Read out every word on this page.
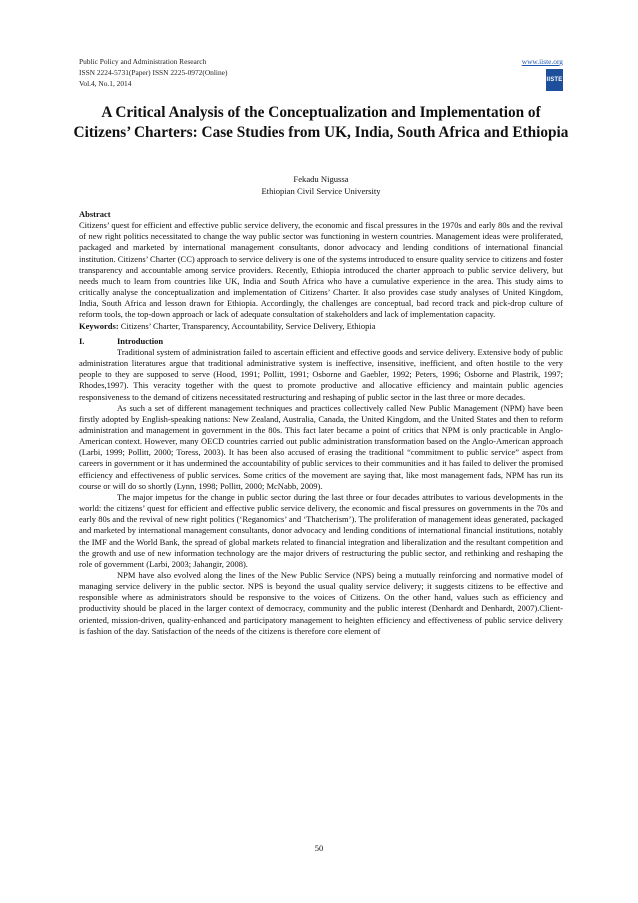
Public Policy and Administration Research
ISSN 2224-5731(Paper) ISSN 2225-0972(Online)
Vol.4, No.1, 2014
www.iiste.org
IISTE
A Critical Analysis of the Conceptualization and Implementation of Citizens’ Charters: Case Studies from UK, India, South Africa and Ethiopia
Fekadu Nigussa
Ethiopian Civil Service University

Abstract

Citizens’ quest for efficient and effective public service delivery, the economic and fiscal pressures in the 1970s and early 80s and the revival of new right politics necessitated to change the way public sector was functioning in western countries. Management ideas were proliferated, packaged and marketed by international management consultants, donor advocacy and lending conditions of international financial institution. Citizens’ Charter (CC) approach to service delivery is one of the systems introduced to ensure quality service to citizens and foster transparency and accountable among service providers. Recently, Ethiopia introduced the charter approach to public service delivery, but needs much to learn from countries like UK, India and South Africa who have a cumulative experience in the area. This study aims to critically analyse the conceptualization and implementation of Citizens’ Charter. It also provides case study analyses of United Kingdom, India, South Africa and lesson drawn for Ethiopia. Accordingly, the challenges are conceptual, bad record track and pick-drop culture of reform tools, the top-down approach or lack of adequate consultation of stakeholders and lack of implementation capacity.

Keywords: Citizens’ Charter, Transparency, Accountability, Service Delivery, Ethiopia

I.	Introduction

Traditional system of administration failed to ascertain efficient and effective goods and service delivery. Extensive body of public administration literatures argue that traditional administrative system is ineffective, insensitive, inefficient, and often hostile to the very people to they are supposed to serve (Hood, 1991; Pollitt, 1991; Osborne and Gaebler, 1992; Peters, 1996; Osborne and Plastrik, 1997; Rhodes,1997). This veracity together with the quest to promote productive and allocative efficiency and maintain public agencies responsiveness to the demand of citizens necessitated restructuring and reshaping of public sector in the last three or more decades.

As such a set of different management techniques and practices collectively called New Public Management (NPM) have been firstly adopted by English-speaking nations: New Zealand, Australia, Canada, the United Kingdom, and the United States and then to reform administration and management in government in the 80s. This fact later became a point of critics that NPM is only practicable in Anglo-American context. However, many OECD countries carried out public administration transformation based on the Anglo-American approach (Larbi, 1999; Pollitt, 2000; Toress, 2003). It has been also accused of erasing the traditional “commitment to public service” aspect from careers in government or it has undermined the accountability of public services to their communities and it has failed to deliver the promised efficiency and effectiveness of public services. Some critics of the movement are saying that, like most management fads, NPM has run its course or will do so shortly (Lynn, 1998; Pollitt, 2000; McNabb, 2009).

The major impetus for the change in public sector during the last three or four decades attributes to various developments in the world: the citizens’ quest for efficient and effective public service delivery, the economic and fiscal pressures on governments in the 70s and early 80s and the revival of new right politics (‘Reganomics’ and ‘Thatcherism’). The proliferation of management ideas generated, packaged and marketed by international management consultants, donor advocacy and lending conditions of international financial institutions, notably the IMF and the World Bank, the spread of global markets related to financial integration and liberalization and the resultant competition and the growth and use of new information technology are the major drivers of restructuring the public sector, and rethinking and reshaping the role of government (Larbi, 2003; Jahangir, 2008).

NPM have also evolved along the lines of the New Public Service (NPS) being a mutually reinforcing and normative model of managing service delivery in the public sector. NPS is beyond the usual quality service delivery; it suggests citizens to be effective and responsible where as administrators should be responsive to the voices of Citizens. On the other hand, values such as efficiency and productivity should be placed in the larger context of democracy, community and the public interest (Denhardt and Denhardt, 2007).Client-oriented, mission-driven, quality-enhanced and participatory management to heighten efficiency and effectiveness of public service delivery is fashion of the day. Satisfaction of the needs of the citizens is therefore core element of

50
